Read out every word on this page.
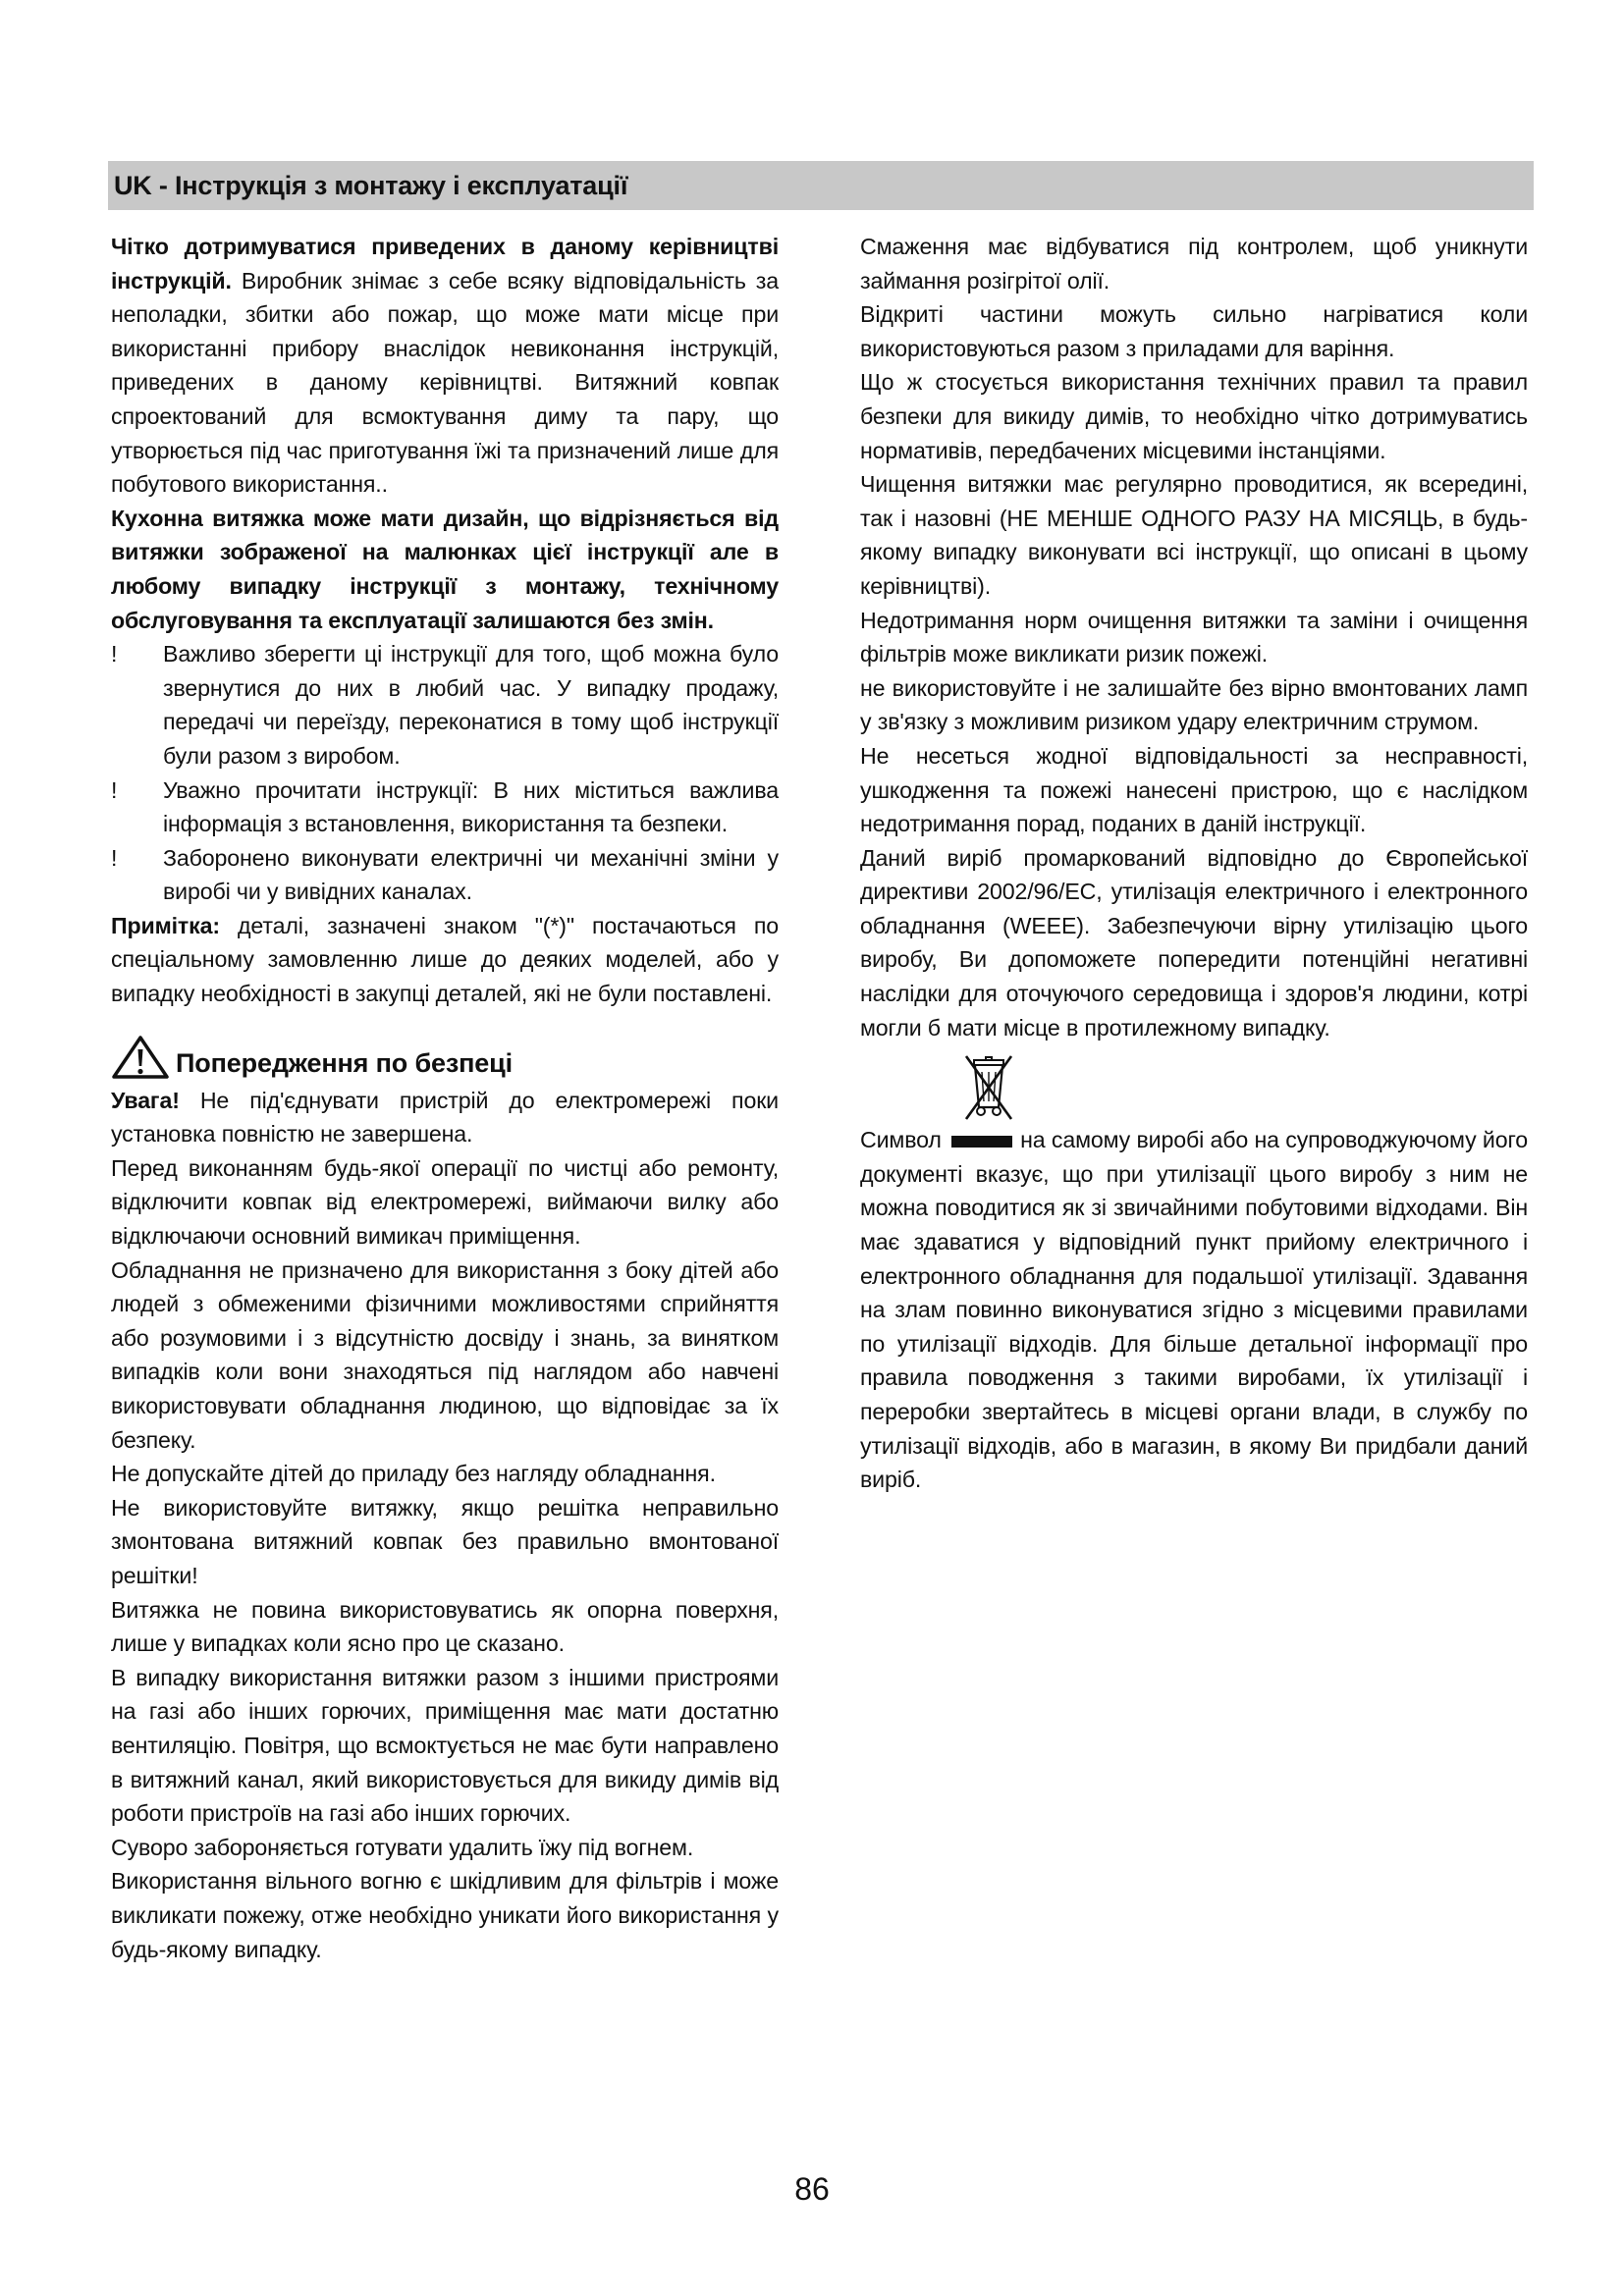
UK - Інструкція з монтажу і експлуатації

Чітко дотримуватися приведених в даному керівництві інструкцій. Виробник знімає з себе всяку відповідальність за неполадки, збитки або пожар, що може мати місце при використанні прибору внаслідок невиконання інструкцій, приведених в даному керівництві. Витяжний ковпак спроектований для всмоктування диму та пару, що утворюється під час приготування їжі та призначений лише для побутового використання..

Кухонна витяжка може мати дизайн, що відрізняється від витяжки зображеної на малюнках цієї інструкції але в любому випадку інструкції з монтажу, технічному обслуговування та експлуатації залишаются без змін.

! Важливо зберегти ці інструкції для того, щоб можна було звернутися до них в любий час. У випадку продажу, передачі чи переїзду, переконатися в тому щоб інструкції були разом з виробом.

! Уважно прочитати інструкції: В них міститься важлива інформація з встановлення, використання та безпеки.

! Заборонено виконувати електричні чи механічні зміни у виробі чи у вивідних каналах.

Примітка: деталі, зазначені знаком "(*)" постачаються по спеціальному замовленню лише до деяких моделей, або у випадку необхідності в закупці деталей, які не були поставлені.

Попередження по безпеці

Увага! Не під'єднувати пристрій до електромережі поки установка повністю не завершена.

Перед виконанням будь-якої операції по чистці або ремонту, відключити ковпак від електромережі, виймаючи вилку або відключаючи основний вимикач приміщення.

Обладнання не призначено для використання з боку дітей або людей з обмеженими фізичними можливостями сприйняття або розумовими і з відсутністю досвіду і знань, за винятком випадків коли вони знаходяться під наглядом або навчені використовувати обладнання людиною, що відповідає за їх безпеку.

Не допускайте дітей до приладу без нагляду обладнання.

Не використовуйте витяжку, якщо решітка неправильно змонтована витяжний ковпак без правильно вмонтованої решітки!

Витяжка не повина використовуватись як опорна поверхня, лише у випадках коли ясно про це сказано.

В випадку використання витяжки разом з іншими пристроями на газі або інших горючих, приміщення має мати достатню вентиляцію. Повітря, що всмоктується не має бути направлено в витяжний канал, який використовується для викиду димів від роботи пристроїв на газі або інших горючих.

Суворо забороняється готувати удалить їжу під вогнем.

Використання вільного вогню є шкідливим для фільтрів і може викликати пожежу, отже необхідно уникати його використання у будь-якому випадку.

Смаження має відбуватися під контролем, щоб уникнути займання розігрітої олії.

Відкриті частини можуть сильно нагріватися коли використовуються разом з приладами для варіння.

Що ж стосується використання технічних правил та правил безпеки для викиду димів, то необхідно чітко дотримуватись нормативів, передбачених місцевими інстанціями.

Чищення витяжки має регулярно проводитися, як всередині, так і назовні (НЕ МЕНШЕ ОДНОГО РАЗУ НА МІСЯЦЬ, в будь-якому випадку виконувати всі інструкції, що описані в цьому керівництві).

Недотримання норм очищення витяжки та заміни і очищення фільтрів може викликати ризик пожежі.

не використовуйте і не залишайте без вірно вмонтованих ламп у зв'язку з можливим ризиком удару електричним струмом.

Не несеться жодної відповідальності за несправності, ушкодження та пожежі нанесені пристрою, що є наслідком недотримання порад, поданих в даній інструкції.

Даний виріб промаркований відповідно до Європейської директиви 2002/96/EC, утилізація електричного і електронного обладнання (WEEE). Забезпечуючи вірну утилізацію цього виробу, Ви допоможете попередити потенційні негативні наслідки для оточуючого середовища і здоров'я людини, котрі могли б мати місце в протилежному випадку.

Символ	на самому виробі або на супроводжуючому його документі вказує, що при утилізації цього виробу з ним не можна поводитися як зі звичайними побутовими відходами. Він має здаватися у відповідний пункт прийому електричного і електронного обладнання для подальшої утилізації. Здавання на злам повинно виконуватися згідно з місцевими правилами по утилізації відходів. Для більше детальної інформації про правила поводження з такими виробами, їх утилізації і переробки звертайтесь в місцеві органи влади, в службу по утилізації відходів, або в магазин, в якому Ви придбали даний виріб.

86
